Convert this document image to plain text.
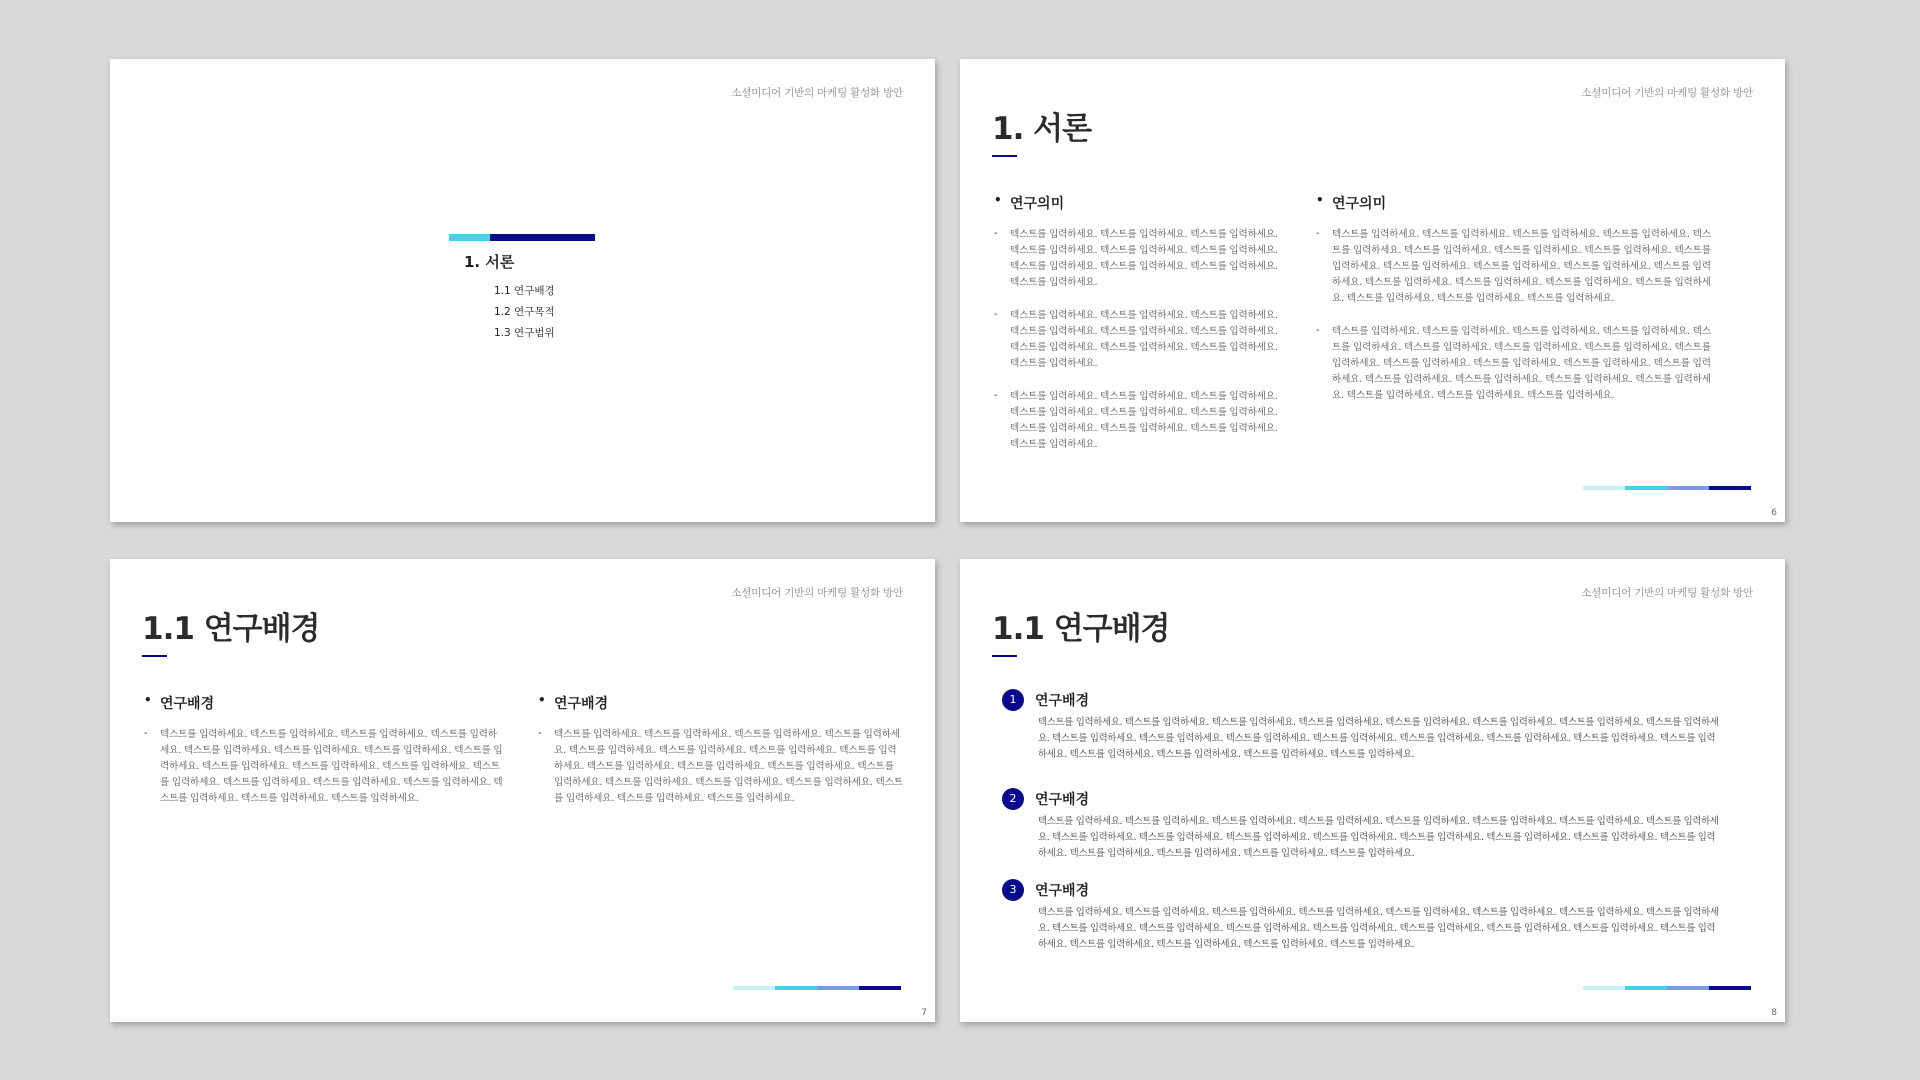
소셜미디어 기반의 마케팅 활성화 방안
1. 서론
1.1 연구배경
1.2 연구목적
1.3 연구범위
소셜미디어 기반의 마케팅 활성화 방안
1. 서론
• 연구의미
- 텍스트를 입력하세요. 텍스트를 입력하세요. 텍스트를 입력하세요. 텍스트를 입력하세요. 텍스트를 입력하세요. 텍스트를 입력하세요. 텍스트를 입력하세요. 텍스트를 입력하세요. 텍스트를 입력하세요. 텍스트를 입력하세요.
- 텍스트를 입력하세요. 텍스트를 입력하세요. 텍스트를 입력하세요. 텍스트를 입력하세요. 텍스트를 입력하세요. 텍스트를 입력하세요. 텍스트를 입력하세요. 텍스트를 입력하세요. 텍스트를 입력하세요. 텍스트를 입력하세요.
- 텍스트를 입력하세요. 텍스트를 입력하세요. 텍스트를 입력하세요. 텍스트를 입력하세요. 텍스트를 입력하세요. 텍스트를 입력하세요. 텍스트를 입력하세요. 텍스트를 입력하세요. 텍스트를 입력하세요. 텍스트를 입력하세요.
• 연구의미
- 텍스트를 입력하세요. 텍스트를 입력하세요. 텍스트를 입력하세요. 텍스트를 입력하세요. 텍스트를 입력하세요. 텍스트를 입력하세요. 텍스트를 입력하세요. 텍스트를 입력하세요. 텍스트를 입력하세요. 텍스트를 입력하세요. 텍스트를 입력하세요. 텍스트를 입력하세요. 텍스트를 입력하세요. 텍스트를 입력하세요. 텍스트를 입력하세요. 텍스트를 입력하세요. 텍스트를 입력하세요. 텍스트를 입력하세요. 텍스트를 입력하세요. 텍스트를 입력하세요.
- 텍스트를 입력하세요. 텍스트를 입력하세요. 텍스트를 입력하세요. 텍스트를 입력하세요. 텍스트를 입력하세요. 텍스트를 입력하세요. 텍스트를 입력하세요. 텍스트를 입력하세요. 텍스트를 입력하세요. 텍스트를 입력하세요. 텍스트를 입력하세요. 텍스트를 입력하세요. 텍스트를 입력하세요. 텍스트를 입력하세요. 텍스트를 입력하세요. 텍스트를 입력하세요. 텍스트를 입력하세요. 텍스트를 입력하세요. 텍스트를 입력하세요. 텍스트를 입력하세요.
6
소셜미디어 기반의 마케팅 활성화 방안
1.1 연구배경
• 연구배경
- 텍스트를 입력하세요. 텍스트를 입력하세요. 텍스트를 입력하세요. 텍스트를 입력하세요. 텍스트를 입력하세요. 텍스트를 입력하세요. 텍스트를 입력하세요. 텍스트를 입력하세요. 텍스트를 입력하세요. 텍스트를 입력하세요. 텍스트를 입력하세요. 텍스트를 입력하세요. 텍스트를 입력하세요. 텍스트를 입력하세요. 텍스트를 입력하세요. 텍스트를 입력하세요. 텍스트를 입력하세요. 텍스트를 입력하세요.
• 연구배경
- 텍스트를 입력하세요. 텍스트를 입력하세요. 텍스트를 입력하세요. 텍스트를 입력하세요. 텍스트를 입력하세요. 텍스트를 입력하세요. 텍스트를 입력하세요. 텍스트를 입력하세요. 텍스트를 입력하세요. 텍스트를 입력하세요. 텍스트를 입력하세요. 텍스트를 입력하세요. 텍스트를 입력하세요. 텍스트를 입력하세요. 텍스트를 입력하세요. 텍스트를 입력하세요. 텍스트를 입력하세요. 텍스트를 입력하세요.
7
소셜미디어 기반의 마케팅 활성화 방안
1.1 연구배경
1	연구배경
텍스트를 입력하세요. 텍스트를 입력하세요. 텍스트를 입력하세요. 텍스트를 입력하세요. 텍스트를 입력하세요. 텍스트를 입력하세요. 텍스트를 입력하세요. 텍스트를 입력하세요. 텍스트를 입력하세요. 텍스트를 입력하세요. 텍스트를 입력하세요. 텍스트를 입력하세요. 텍스트를 입력하세요. 텍스트를 입력하세요. 텍스트를 입력하세요. 텍스트를 입력하세요. 텍스트를 입력하세요. 텍스트를 입력하세요. 텍스트를 입력하세요. 텍스트를 입력하세요.
2	연구배경
텍스트를 입력하세요. 텍스트를 입력하세요. 텍스트를 입력하세요. 텍스트를 입력하세요. 텍스트를 입력하세요. 텍스트를 입력하세요. 텍스트를 입력하세요. 텍스트를 입력하세요. 텍스트를 입력하세요. 텍스트를 입력하세요. 텍스트를 입력하세요. 텍스트를 입력하세요. 텍스트를 입력하세요. 텍스트를 입력하세요. 텍스트를 입력하세요. 텍스트를 입력하세요. 텍스트를 입력하세요. 텍스트를 입력하세요. 텍스트를 입력하세요. 텍스트를 입력하세요.
3	연구배경
텍스트를 입력하세요. 텍스트를 입력하세요. 텍스트를 입력하세요. 텍스트를 입력하세요. 텍스트를 입력하세요. 텍스트를 입력하세요. 텍스트를 입력하세요. 텍스트를 입력하세요. 텍스트를 입력하세요. 텍스트를 입력하세요. 텍스트를 입력하세요. 텍스트를 입력하세요. 텍스트를 입력하세요. 텍스트를 입력하세요. 텍스트를 입력하세요. 텍스트를 입력하세요. 텍스트를 입력하세요. 텍스트를 입력하세요. 텍스트를 입력하세요. 텍스트를 입력하세요.
8
